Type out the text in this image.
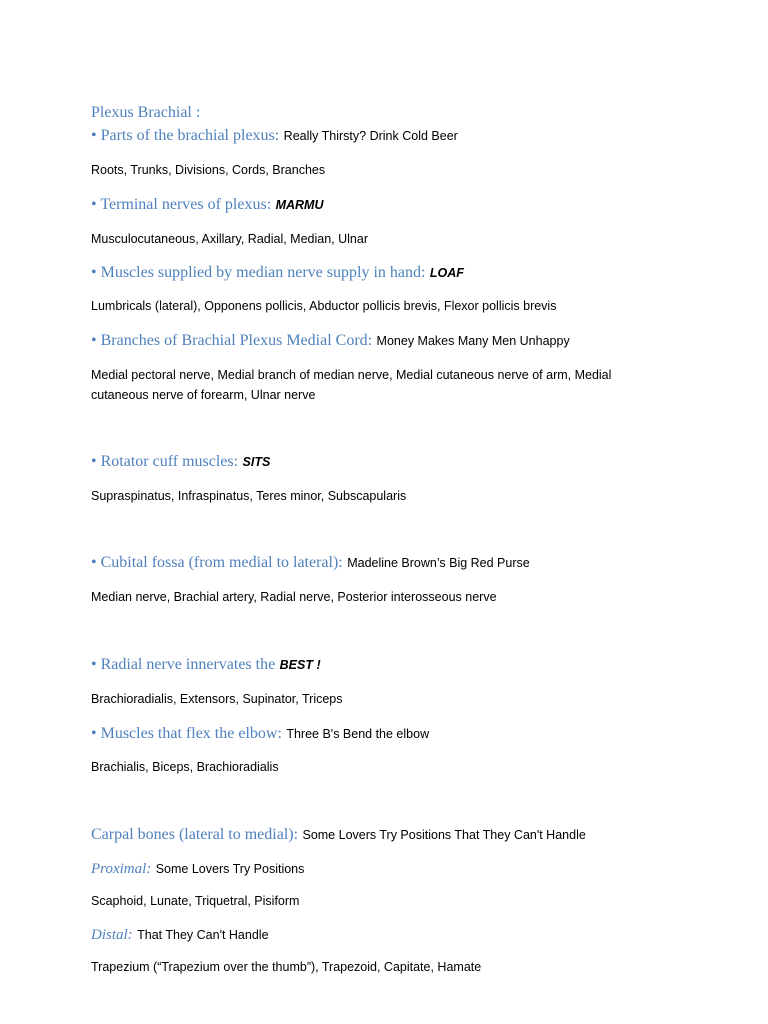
Plexus Brachial :
• Parts of the brachial plexus: Really Thirsty? Drink Cold Beer
Roots, Trunks, Divisions, Cords, Branches
• Terminal nerves of plexus: MARMU
Musculocutaneous, Axillary, Radial, Median, Ulnar
• Muscles supplied by median nerve supply in hand: LOAF
Lumbricals (lateral), Opponens pollicis, Abductor pollicis brevis, Flexor pollicis brevis
• Branches of Brachial Plexus Medial Cord: Money Makes Many Men Unhappy
Medial pectoral nerve, Medial branch of median nerve, Medial cutaneous nerve of arm, Medial
cutaneous nerve of forearm, Ulnar nerve
• Rotator cuff muscles: SITS
Supraspinatus, Infraspinatus, Teres minor, Subscapularis
• Cubital fossa (from medial to lateral): Madeline Brown’s Big Red Purse
Median nerve, Brachial artery, Radial nerve, Posterior interosseous nerve
• Radial nerve innervates the BEST !
Brachioradialis, Extensors, Supinator, Triceps
• Muscles that flex the elbow: Three B's Bend the elbow
Brachialis, Biceps, Brachioradialis
Carpal bones (lateral to medial): Some Lovers Try Positions That They Can't Handle
Proximal: Some Lovers Try Positions
Scaphoid, Lunate, Triquetral, Pisiform
Distal: That They Can't Handle
Trapezium (“Trapezium over the thumb”), Trapezoid, Capitate, Hamate
